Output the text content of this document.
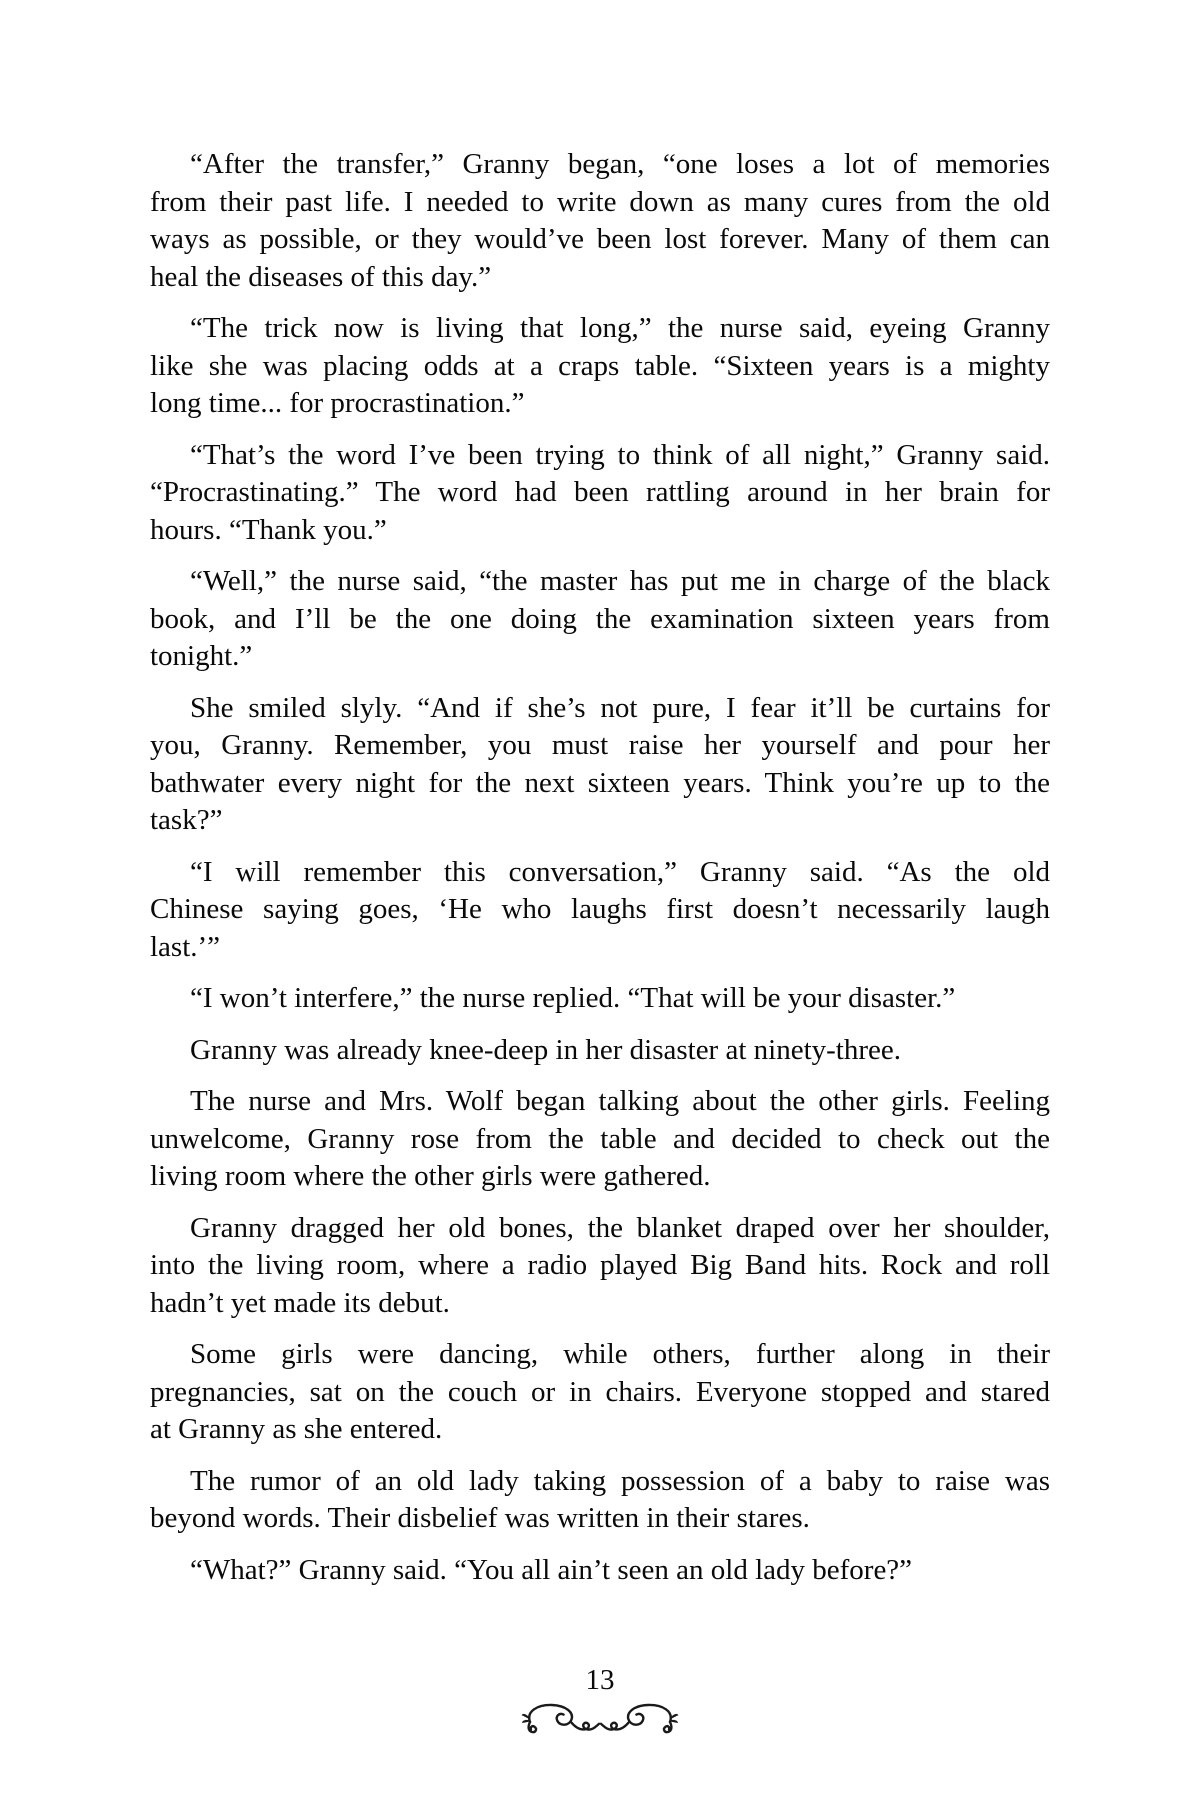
“After the transfer,” Granny began, “one loses a lot of memories
from their past life. I needed to write down as many cures from the old
ways as possible, or they would’ve been lost forever. Many of them can
heal the diseases of this day.”
“The trick now is living that long,” the nurse said, eyeing Granny
like she was placing odds at a craps table. “Sixteen years is a mighty
long time... for procrastination.”
“That’s the word I’ve been trying to think of all night,” Granny said.
“Procrastinating.” The word had been rattling around in her brain for
hours. “Thank you.”
“Well,” the nurse said, “the master has put me in charge of the black
book, and I’ll be the one doing the examination sixteen years from
tonight.”
She smiled slyly. “And if she’s not pure, I fear it’ll be curtains for
you, Granny. Remember, you must raise her yourself and pour her
bathwater every night for the next sixteen years. Think you’re up to the
task?”
“I will remember this conversation,” Granny said. “As the old
Chinese saying goes, ‘He who laughs first doesn’t necessarily laugh
last.’”
“I won’t interfere,” the nurse replied. “That will be your disaster.”
Granny was already knee-deep in her disaster at ninety-three.
The nurse and Mrs. Wolf began talking about the other girls. Feeling
unwelcome, Granny rose from the table and decided to check out the
living room where the other girls were gathered.
Granny dragged her old bones, the blanket draped over her shoulder,
into the living room, where a radio played Big Band hits. Rock and roll
hadn’t yet made its debut.
Some girls were dancing, while others, further along in their
pregnancies, sat on the couch or in chairs. Everyone stopped and stared
at Granny as she entered.
The rumor of an old lady taking possession of a baby to raise was
beyond words. Their disbelief was written in their stares.
“What?” Granny said. “You all ain’t seen an old lady before?”
13
